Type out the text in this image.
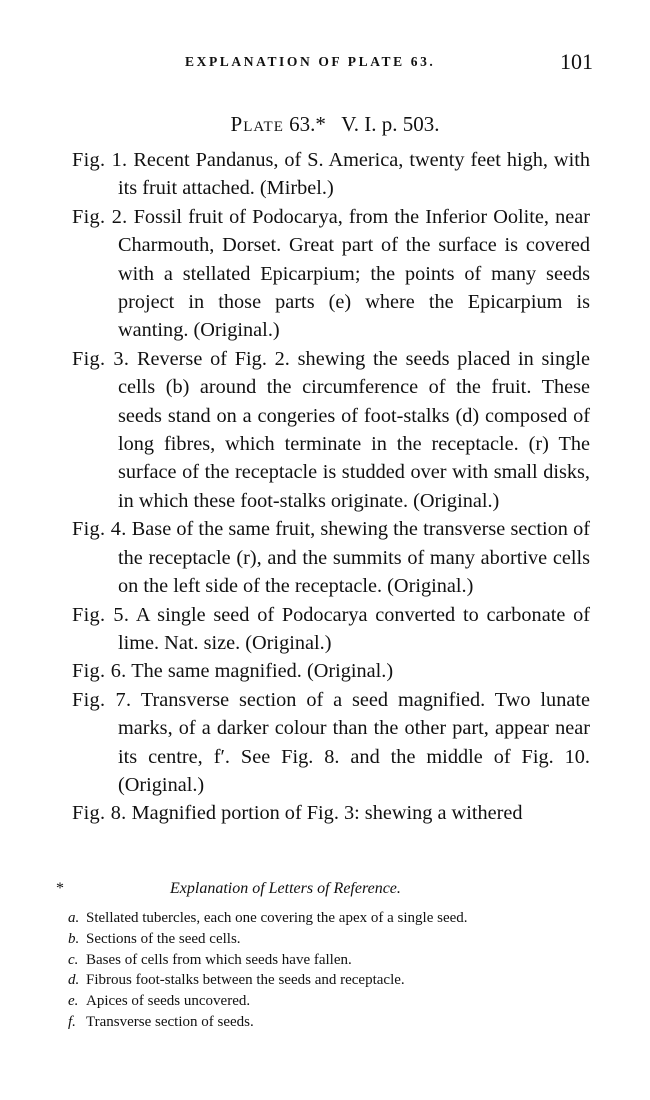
EXPLANATION OF PLATE 63.	101
Plate 63.* V. I. p. 503.
Fig. 1. Recent Pandanus, of S. America, twenty feet high, with its fruit attached. (Mirbel.)
Fig. 2. Fossil fruit of Podocarya, from the Inferior Oolite, near Charmouth, Dorset. Great part of the surface is covered with a stellated Epicarpium; the points of many seeds project in those parts (e) where the Epicarpium is wanting. (Original.)
Fig. 3. Reverse of Fig. 2. shewing the seeds placed in single cells (b) around the circumference of the fruit. These seeds stand on a congeries of foot-stalks (d) composed of long fibres, which terminate in the receptacle. (r) The surface of the receptacle is studded over with small disks, in which these foot-stalks originate. (Original.)
Fig. 4. Base of the same fruit, shewing the transverse section of the receptacle (r), and the summits of many abortive cells on the left side of the receptacle. (Original.)
Fig. 5. A single seed of Podocarya converted to carbonate of lime. Nat. size. (Original.)
Fig. 6. The same magnified. (Original.)
Fig. 7. Transverse section of a seed magnified. Two lunate marks, of a darker colour than the other part, appear near its centre, f′. See Fig. 8. and the middle of Fig. 10. (Original.)
Fig. 8. Magnified portion of Fig. 3: shewing a withered
*	Explanation of Letters of Reference.
a. Stellated tubercles, each one covering the apex of a single seed.
b. Sections of the seed cells.
c. Bases of cells from which seeds have fallen.
d. Fibrous foot-stalks between the seeds and receptacle.
e. Apices of seeds uncovered.
f. Transverse section of seeds.
